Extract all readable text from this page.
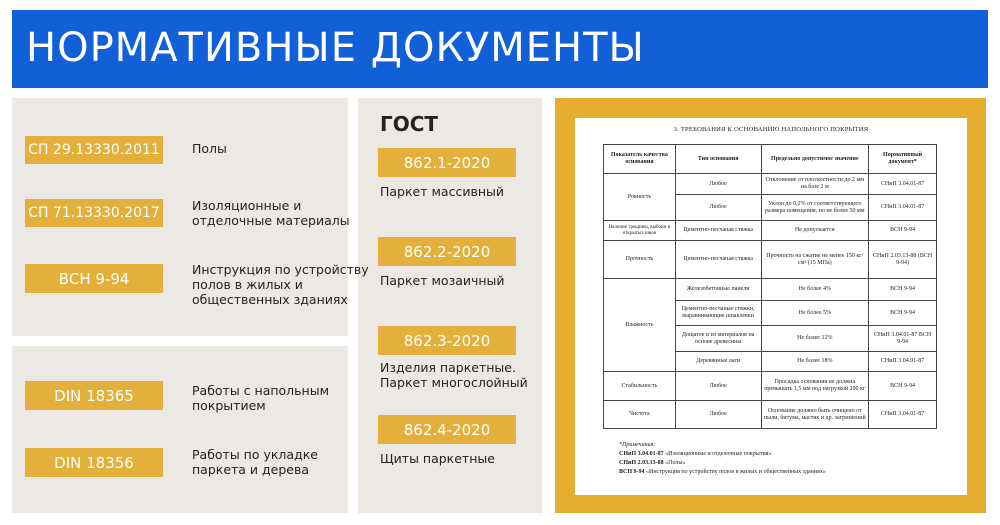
НОРМАТИВНЫЕ ДОКУМЕНТЫ
СП 29.13330.2011	Полы
СП 71.13330.2017	Изоляционные и
отделочные материалы
ВСН 9-94	Инструкция по устройству
полов в жилых и
общественных зданиях
DIN 18365	Работы с напольным
покрытием
DIN 18356	Работы по укладке
паркета и дерева
ГОСТ
862.1-2020
Паркет массивный
862.2-2020
Паркет мозаичный
862.3-2020
Изделия паркетные.
Паркет многослойный
862.4-2020
Щиты паркетные
3. ТРЕБОВАНИЯ К ОСНОВАНИЮ НАПОЛЬНОГО ПОКРЫТИЯ
Показатель качества основания	Тип основания	Предельно допустимое значение	Нормативный документ*
Ровность	Любое	Отклонение от плоскостности до 2 мм на базе 2 м	СНиП 3.04.01-87
	Любое	Уклон до 0,2% от соответствующего размера помещения, но не более 50 мм	СНиП 3.04.01-87
Наличие трещины, выбоин и открытых швов	Цементно-песчаная стяжка	Не допускается	ВСН 9-94
Прочность	Цементно-песчаная стяжка	Прочность на сжатие не менее 150 кг/см² (15 МПа)	СНиП 2.03.13-88 (ВСН 9-94)
Влажность	Железобетонные панели	Не более 4%	ВСН 9-94
	Цементно-песчаные стяжки, выравнивающие шпаклевки	Не более 5%	ВСН 9-94
	Дощатое и из материалов на основе древесины	Не более 12%	СНиП 3.04.01-87 ВСН 9-94
	Деревянные лаги	Не более 18%	СНиП 3.04.01-87
Стабильность	Любое	Просадка основания не должна превышать 1,5 мм под нагрузкой 200 кг	ВСН 9-94
Чистота	Любое	Основание должно быть очищено от пыли, битума, мастик и др. загрязнений	СНиП 3.04.01-87
*Примечания:
СНиП 3.04.01-87 «Изоляционные и отделочные покрытия»
СНиП 2.03.13-88 «Полы»
ВСН 9-94 «Инструкция по устройству полов в жилых и общественных зданиях»
